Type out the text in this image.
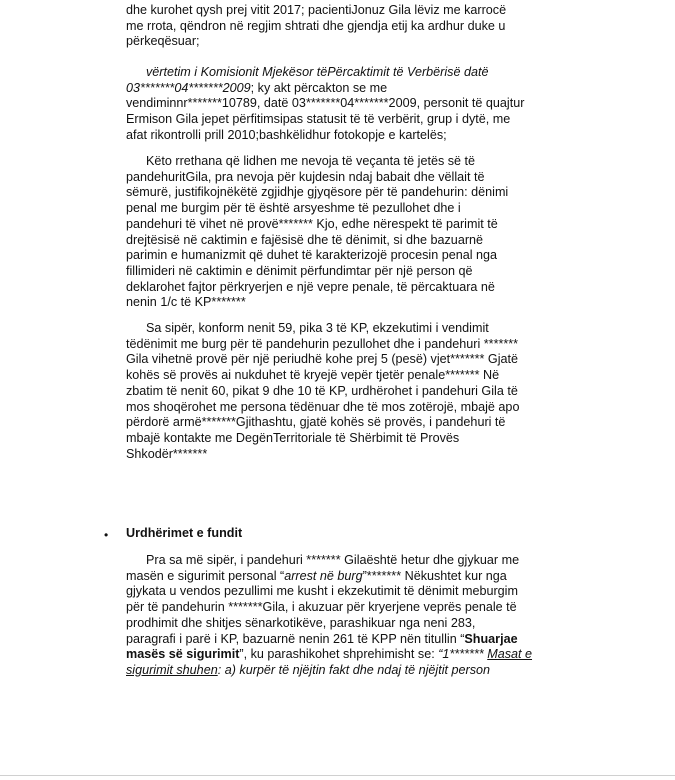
dhe kurohet qysh prej vitit 2017; pacientiJonuz Gila lëviz me karrocë

me rrota, qëndron në regjim shtrati dhe gjendja etij ka ardhur duke u

përkeqësuar;

vërtetim i Komisionit Mjekësor tëPërcaktimit të Verbërisë datë

03*******04*******2009; ky akt përcakton se me

vendiminnr*******10789, datë 03*******04*******2009, personit të quajtur

Ermison Gila jepet përfitimsipas statusit të të verbërit, grup i dytë, me

afat rikontrolli prill 2010;bashkëlidhur fotokopje e kartelës;

Këto rrethana që lidhen me nevoja të veçanta të jetës së të

pandehuritGila, pra nevoja për kujdesin ndaj babait dhe vëllait të

sëmurë, justifikojnëkëtë zgjidhje gjyqësore për të pandehurin: dënimi

penal me burgim për të është arsyeshme të pezullohet dhe i

pandehuri të vihet në provë******* Kjo, edhe nërespekt të parimit të

drejtësisë në caktimin e fajësisë dhe të dënimit, si dhe bazuarnë

parimin e humanizmit që duhet të karakterizojë procesin penal nga

fillimideri në caktimin e dënimit përfundimtar për një person që

deklarohet fajtor përkryerjen e një vepre penale, të përcaktuara në

nenin 1/c të KP*******

Sa sipër, konform nenit 59, pika 3 të KP, ekzekutimi i vendimit

tëdënimit me burg për të pandehurin pezullohet dhe i pandehuri *******

Gila vihetnë provë për një periudhë kohe prej 5 (pesë) vjet******* Gjatë

kohës së provës ai nukduhet të kryejë vepër tjetër penale******* Në

zbatim të nenit 60, pikat 9 dhe 10 të KP, urdhërohet i pandehuri Gila të

mos shoqërohet me persona tëdënuar dhe të mos zotërojë, mbajë apo

përdorë armë*******Gjithashtu, gjatë kohës së provës, i pandehuri të

mbajë kontakte me DegënTerritoriale të Shërbimit të Provës

Shkodër*******

• Urdhërimet e fundit

Pra sa më sipër, i pandehuri ******* Gilaështë hetur dhe gjykuar me

masën e sigurimit personal “arrest në burg”******* Nëkushtet kur nga

gjykata u vendos pezullimi me kusht i ekzekutimit të dënimit meburgim

për të pandehurin *******Gila, i akuzuar për kryerjene veprës penale të

prodhimit dhe shitjes sënarkotikëve, parashikuar nga neni 283,

paragrafi i parë i KP, bazuarnë nenin 261 të KPP nën titullin “Shuarjae

masës së sigurimit”, ku parashikohet shprehimisht se: “1******* Masat e

sigurimit shuhen: a) kurpër të njëjtin fakt dhe ndaj të njëjtit person
